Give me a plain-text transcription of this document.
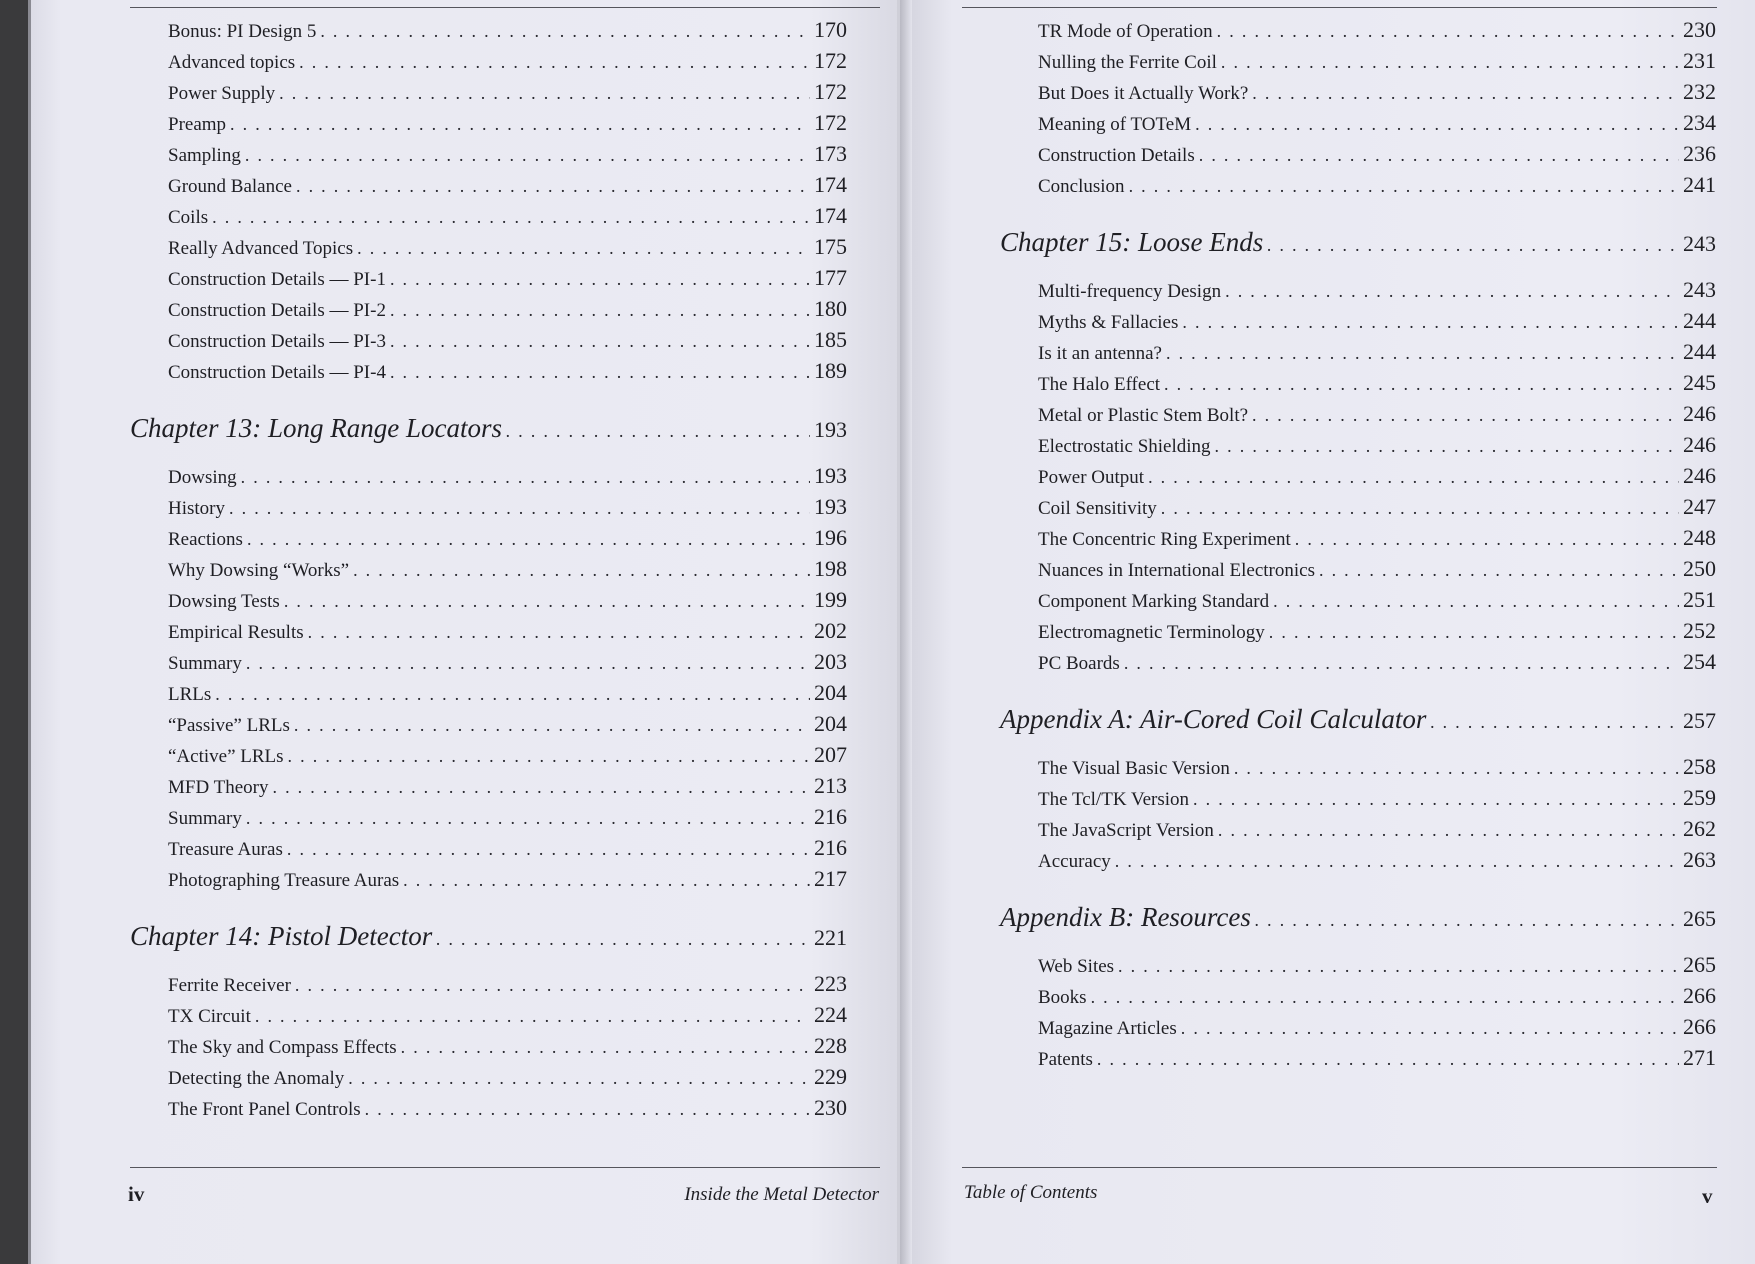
Bonus: PI Design 5 . . .	170
Advanced topics . . .	172
Power Supply . . .	172
Preamp . . .	172
Sampling . . .	173
Ground Balance . . .	174
Coils . . .	174
Really Advanced Topics . . .	175
Construction Details — PI-1 . . .	177
Construction Details — PI-2 . . .	180
Construction Details — PI-3 . . .	185
Construction Details — PI-4 . . .	189
Chapter 13: Long Range Locators . . .	193
Dowsing . . .	193
History . . .	193
Reactions . . .	196
Why Dowsing “Works” . . .	198
Dowsing Tests . . .	199
Empirical Results . . .	202
Summary . . .	203
LRLs . . .	204
“Passive” LRLs . . .	204
“Active” LRLs . . .	207
MFD Theory . . .	213
Summary . . .	216
Treasure Auras . . .	216
Photographing Treasure Auras . . .	217
Chapter 14: Pistol Detector . . .	221
Ferrite Receiver . . .	223
TX Circuit . . .	224
The Sky and Compass Effects . . .	228
Detecting the Anomaly . . .	229
The Front Panel Controls . . .	230
TR Mode of Operation . . .	230
Nulling the Ferrite Coil . . .	231
But Does it Actually Work? . . .	232
Meaning of TOTeM . . .	234
Construction Details . . .	236
Conclusion . . .	241
Chapter 15: Loose Ends . . .	243
Multi-frequency Design . . .	243
Myths & Fallacies . . .	244
Is it an antenna? . . .	244
The Halo Effect . . .	245
Metal or Plastic Stem Bolt? . . .	246
Electrostatic Shielding . . .	246
Power Output . . .	246
Coil Sensitivity . . .	247
The Concentric Ring Experiment . . .	248
Nuances in International Electronics . . .	250
Component Marking Standard . . .	251
Electromagnetic Terminology . . .	252
PC Boards . . .	254
Appendix A: Air-Cored Coil Calculator . . .	257
The Visual Basic Version . . .	258
The Tcl/TK Version . . .	259
The JavaScript Version . . .	262
Accuracy . . .	263
Appendix B: Resources . . .	265
Web Sites . . .	265
Books . . .	266
Magazine Articles . . .	266
Patents . . .	271
iv	Inside the Metal Detector	Table of Contents	v
